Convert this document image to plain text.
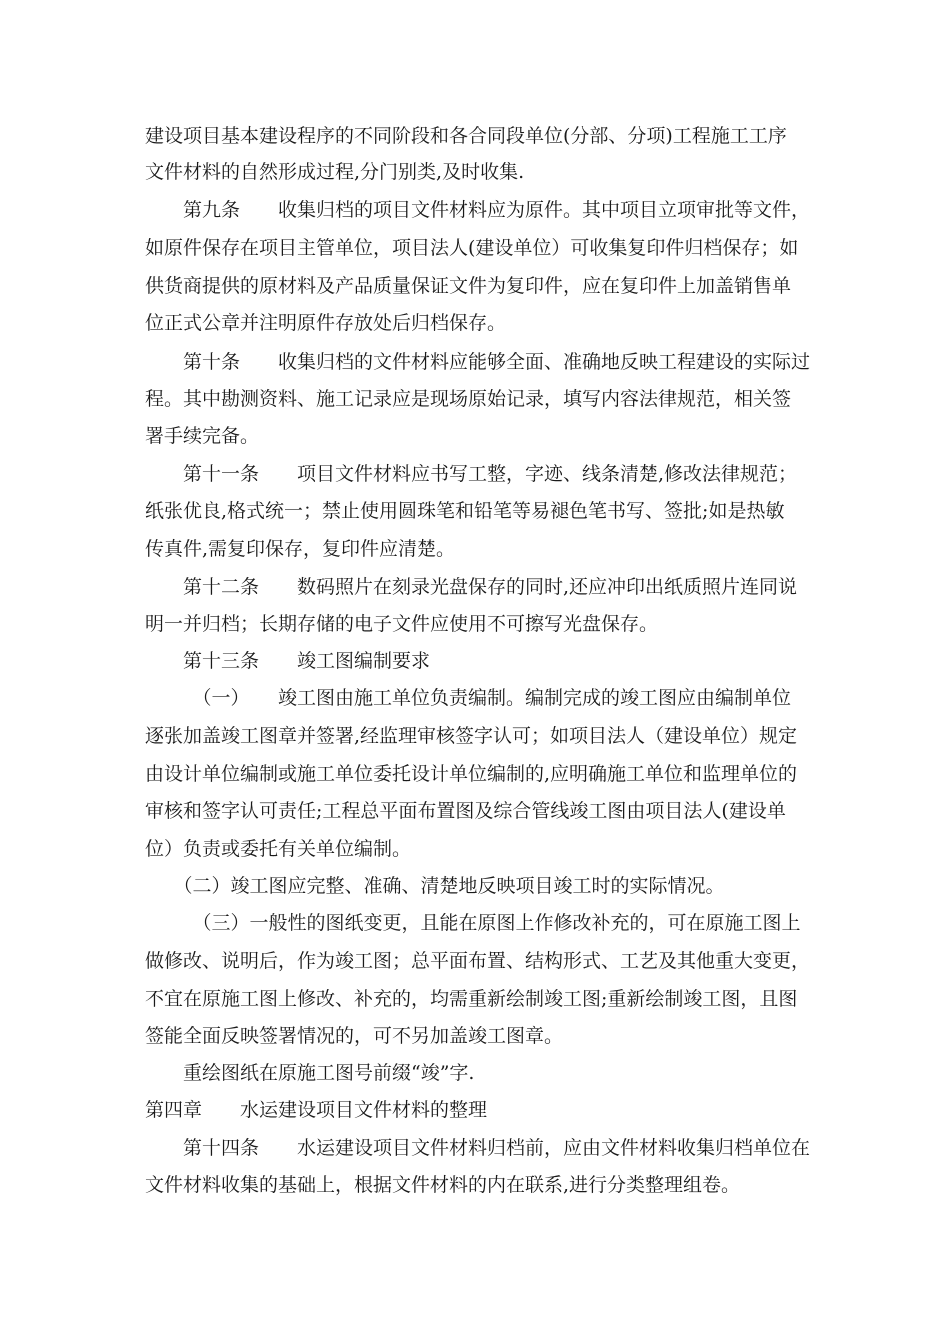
建设项目基本建设程序的不同阶段和各合同段单位(分部、分项)工程施工工序
文件材料的自然形成过程,分门别类,及时收集.
　　第九条　　收集归档的项目文件材料应为原件。其中项目立项审批等文件，
如原件保存在项目主管单位，项目法人(建设单位）可收集复印件归档保存；如
供货商提供的原材料及产品质量保证文件为复印件，应在复印件上加盖销售单
位正式公章并注明原件存放处后归档保存。
　　第十条　　收集归档的文件材料应能够全面、准确地反映工程建设的实际过
程。其中勘测资料、施工记录应是现场原始记录，填写内容法律规范，相关签
署手续完备。
　　第十一条　　项目文件材料应书写工整，字迹、线条清楚,修改法律规范；
纸张优良,格式统一；禁止使用圆珠笔和铅笔等易褪色笔书写、签批;如是热敏
传真件,需复印保存，复印件应清楚。
　　第十二条　　数码照片在刻录光盘保存的同时,还应冲印出纸质照片连同说
明一并归档；长期存储的电子文件应使用不可擦写光盘保存。
　　第十三条　　竣工图编制要求
　　　（一）　　竣工图由施工单位负责编制。编制完成的竣工图应由编制单位
逐张加盖竣工图章并签署,经监理审核签字认可；如项目法人（建设单位）规定
由设计单位编制或施工单位委托设计单位编制的,应明确施工单位和监理单位的
审核和签字认可责任;工程总平面布置图及综合管线竣工图由项目法人(建设单
位）负责或委托有关单位编制。
　　（二）竣工图应完整、准确、清楚地反映项目竣工时的实际情况。
　　　（三）一般性的图纸变更，且能在原图上作修改补充的，可在原施工图上
做修改、说明后，作为竣工图；总平面布置、结构形式、工艺及其他重大变更，
不宜在原施工图上修改、补充的，均需重新绘制竣工图;重新绘制竣工图，且图
签能全面反映签署情况的，可不另加盖竣工图章。
　　重绘图纸在原施工图号前缀“竣”字.
第四章　　水运建设项目文件材料的整理
　　第十四条　　水运建设项目文件材料归档前，应由文件材料收集归档单位在
文件材料收集的基础上，根据文件材料的内在联系,进行分类整理组卷。
